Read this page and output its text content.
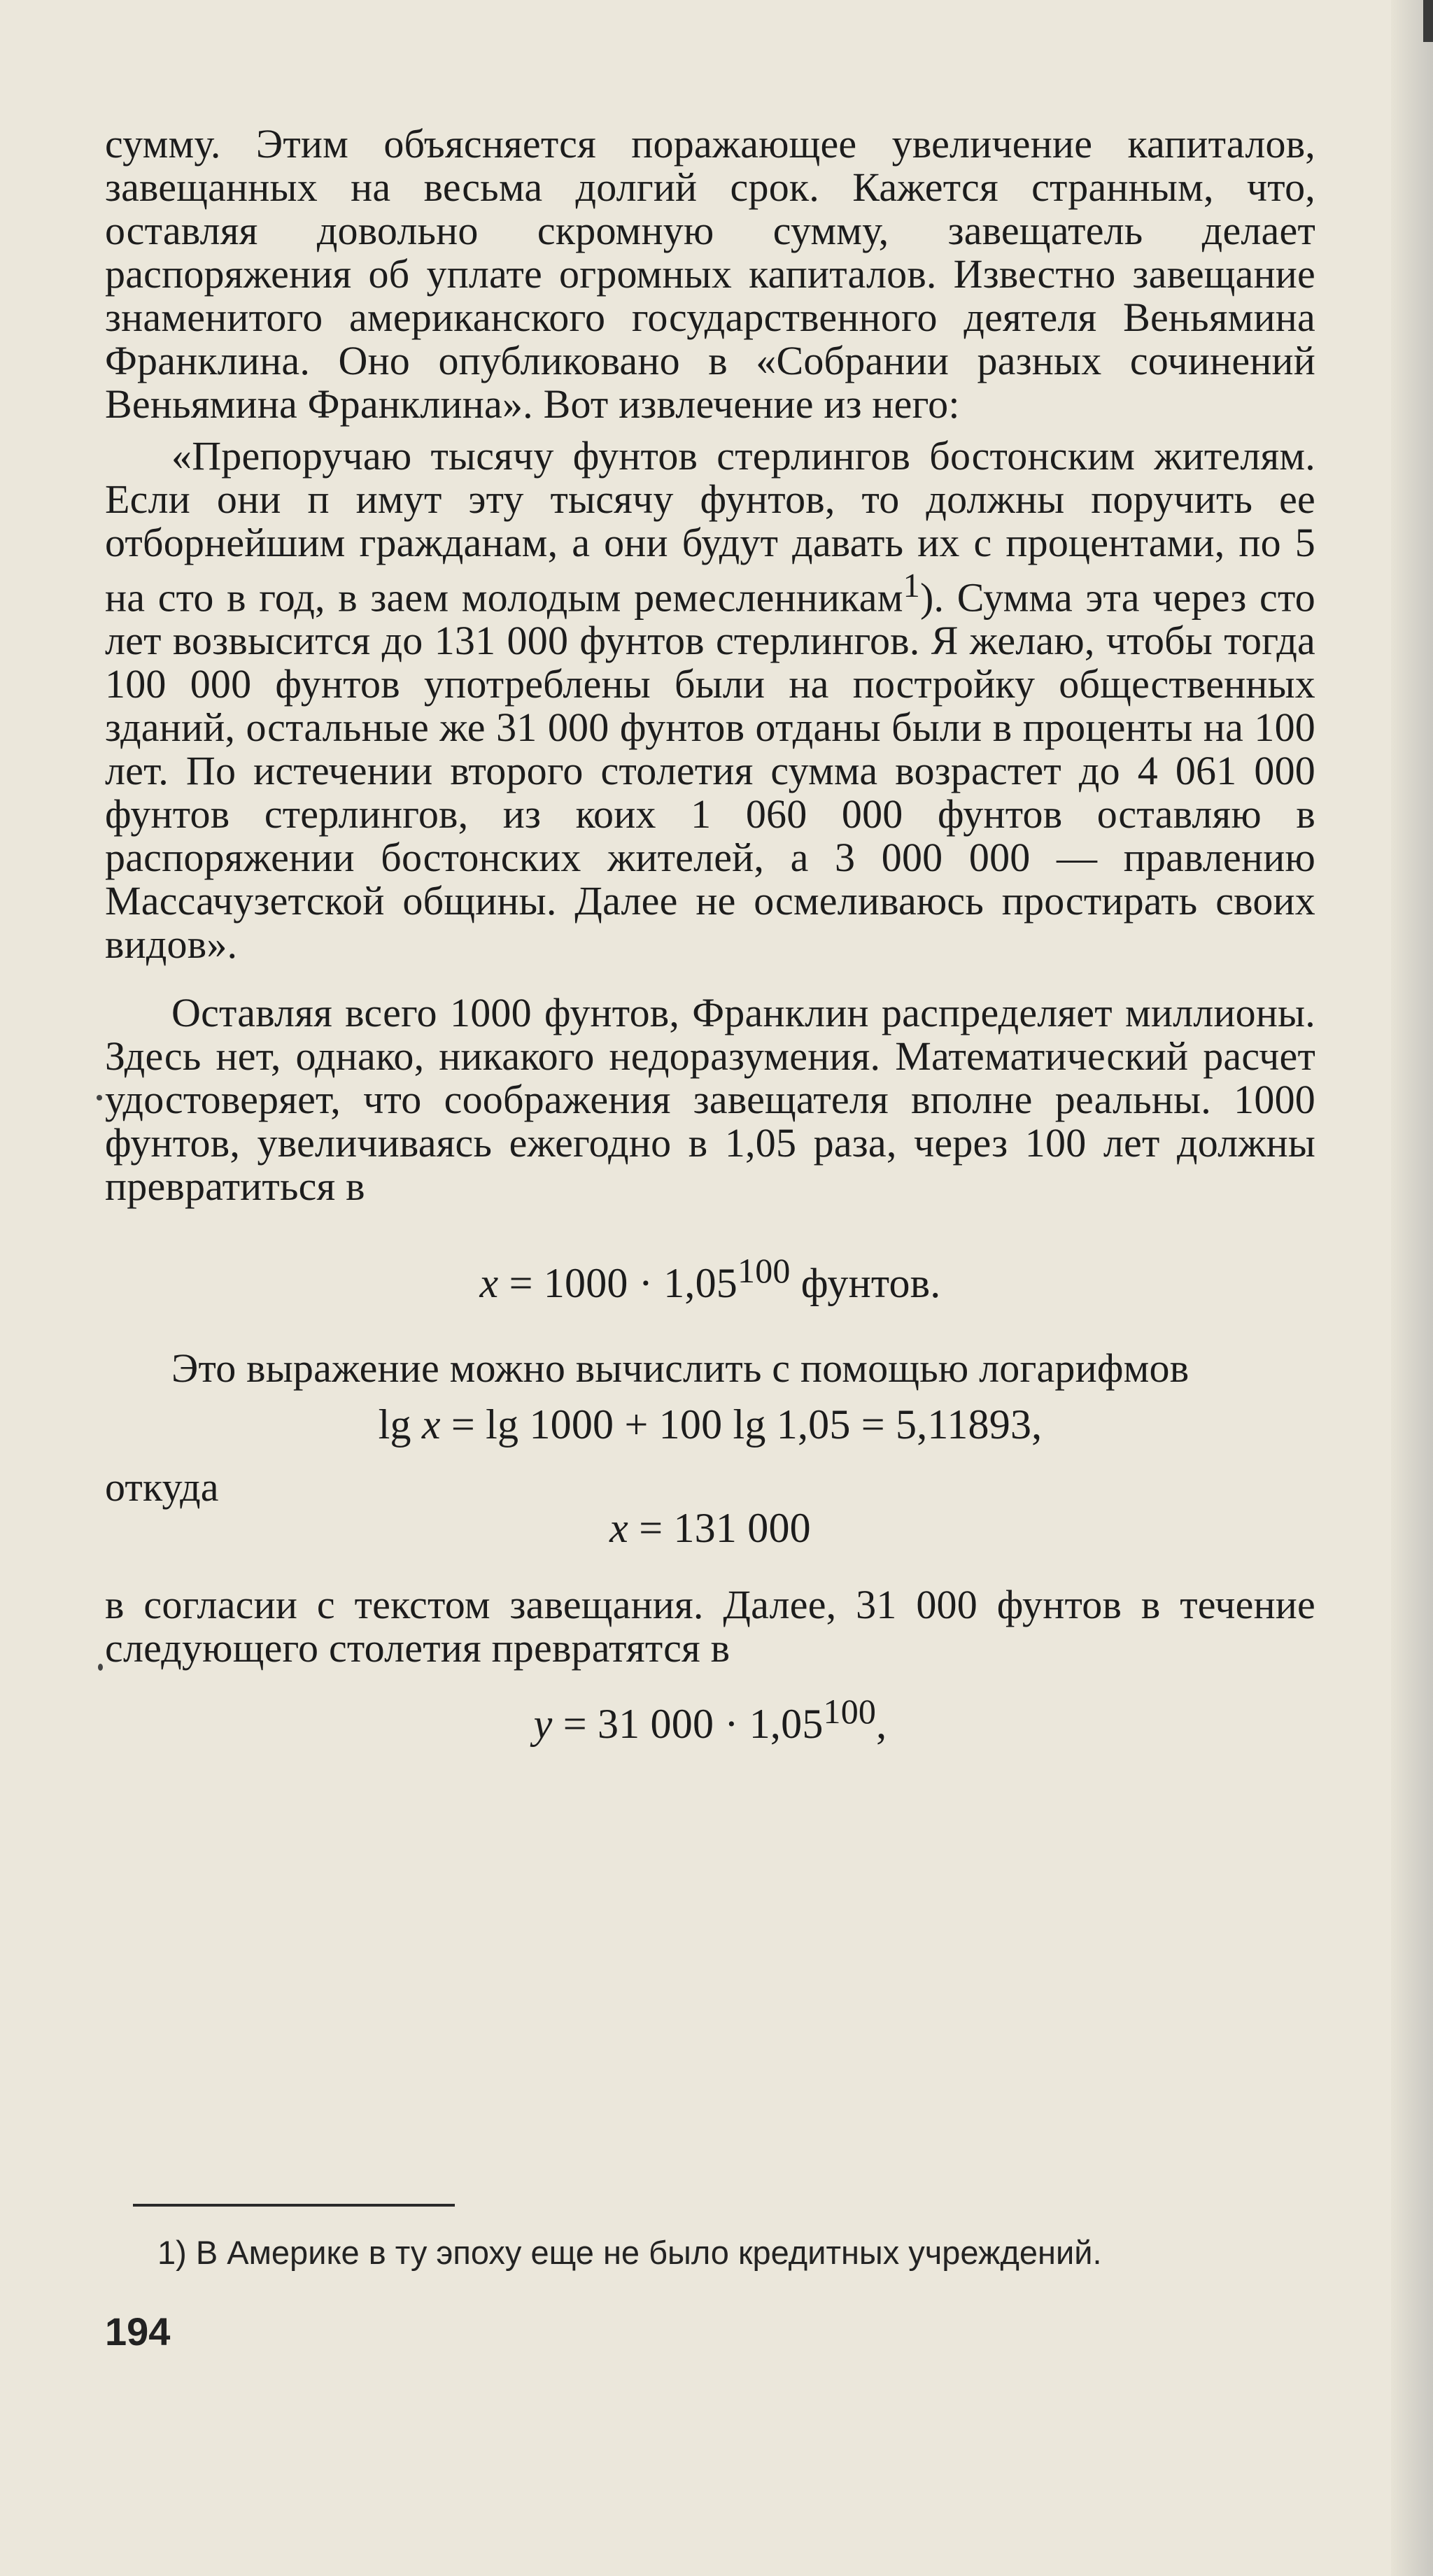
сумму. Этим объясняется поражающее увеличение капиталов, завещанных на весьма долгий срок. Кажется странным, что, оставляя довольно скромную сумму, завещатель делает распоряжения об уплате огромных капиталов. Известно завещание знаменитого американского государственного деятеля Веньямина Франклина. Оно опубликовано в «Собрании разных сочинений Веньямина Франклина». Вот извлечение из него:

«Препоручаю тысячу фунтов стерлингов бостонским жителям. Если они п имут эту тысячу фунтов, то должны поручить ее отборнейшим гражданам, а они будут давать их с процентами, по 5 на сто в год, в заем молодым ремесленникам$^1$). Сумма эта через сто лет возвысится до 131 000 фунтов стерлингов. Я желаю, чтобы тогда 100 000 фунтов употреблены были на постройку общественных зданий, остальные же 31 000 фунтов отданы были в проценты на 100 лет. По истечении второго столетия сумма возрастет до 4 061 000 фунтов стерлингов, из коих 1 060 000 фунтов оставляю в распоряжении бостонских жителей, а 3 000 000 — правлению Массачузетской общины. Далее не осмеливаюсь простирать своих видов».

Оставляя всего 1000 фунтов, Франклин распределяет миллионы. Здесь нет, однако, никакого недоразумения. Математический расчет удостоверяет, что соображения завещателя вполне реальны. 1000 фунтов, увеличиваясь ежегодно в 1,05 раза, через 100 лет должны превратиться в

$x = 1000 \cdot 1,05^{100}$ фунтов.

Это выражение можно вычислить с помощью логарифмов

lg x = lg 1000 + 100 lg 1,05 = 5,11893,

откуда

x = 131 000

в согласии с текстом завещания. Далее, 31 000 фунтов в течение следующего столетия превратятся в

y = 31 $000 \cdot 1,05^{100}$,

1) В Америке в ту эпоху еще не было кредитных учреждений.
194
